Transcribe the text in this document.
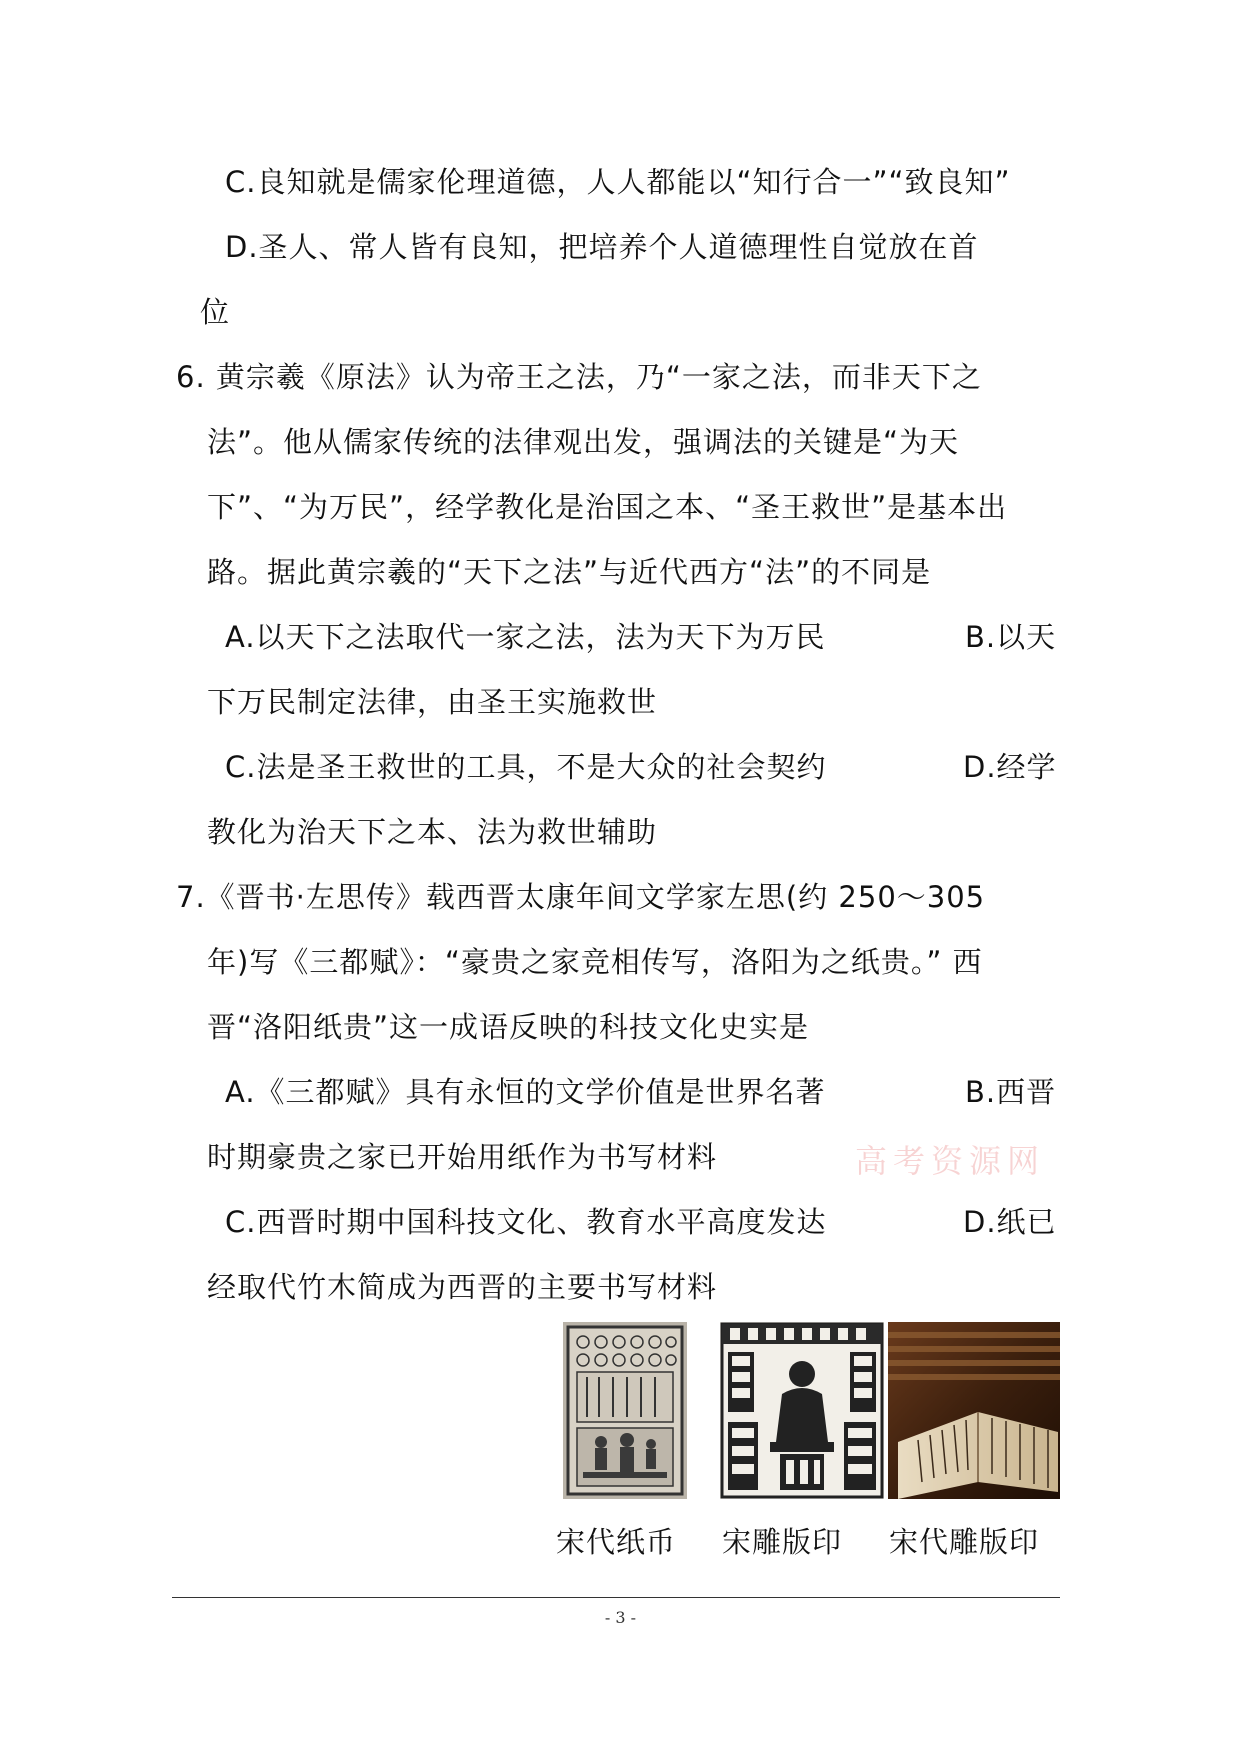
C.良知就是儒家伦理道德，人人都能以“知行合一”“致良知”
D.圣人、常人皆有良知，把培养个人道德理性自觉放在首
位
6. 黄宗羲《原法》认为帝王之法，乃“一家之法，而非天下之
法”。他从儒家传统的法律观出发，强调法的关键是“为天
下”、“为万民”，经学教化是治国之本、“圣王救世”是基本出
路。据此黄宗羲的“天下之法”与近代西方“法”的不同是
A.以天下之法取代一家之法，法为天下为万民	B.以天
下万民制定法律，由圣王实施救世
C.法是圣王救世的工具，不是大众的社会契约	D.经学
教化为治天下之本、法为救世辅助
7.《晋书·左思传》载西晋太康年间文学家左思(约 250～305
年)写《三都赋》：“豪贵之家竞相传写，洛阳为之纸贵。” 西
晋“洛阳纸贵”这一成语反映的科技文化史实是
A.《三都赋》具有永恒的文学价值是世界名著	B.西晋
时期豪贵之家已开始用纸作为书写材料
C.西晋时期中国科技文化、教育水平高度发达	D.纸已
经取代竹木简成为西晋的主要书写材料
高考资源网
宋代纸币 宋雕版印 宋代雕版印
- 3 -
